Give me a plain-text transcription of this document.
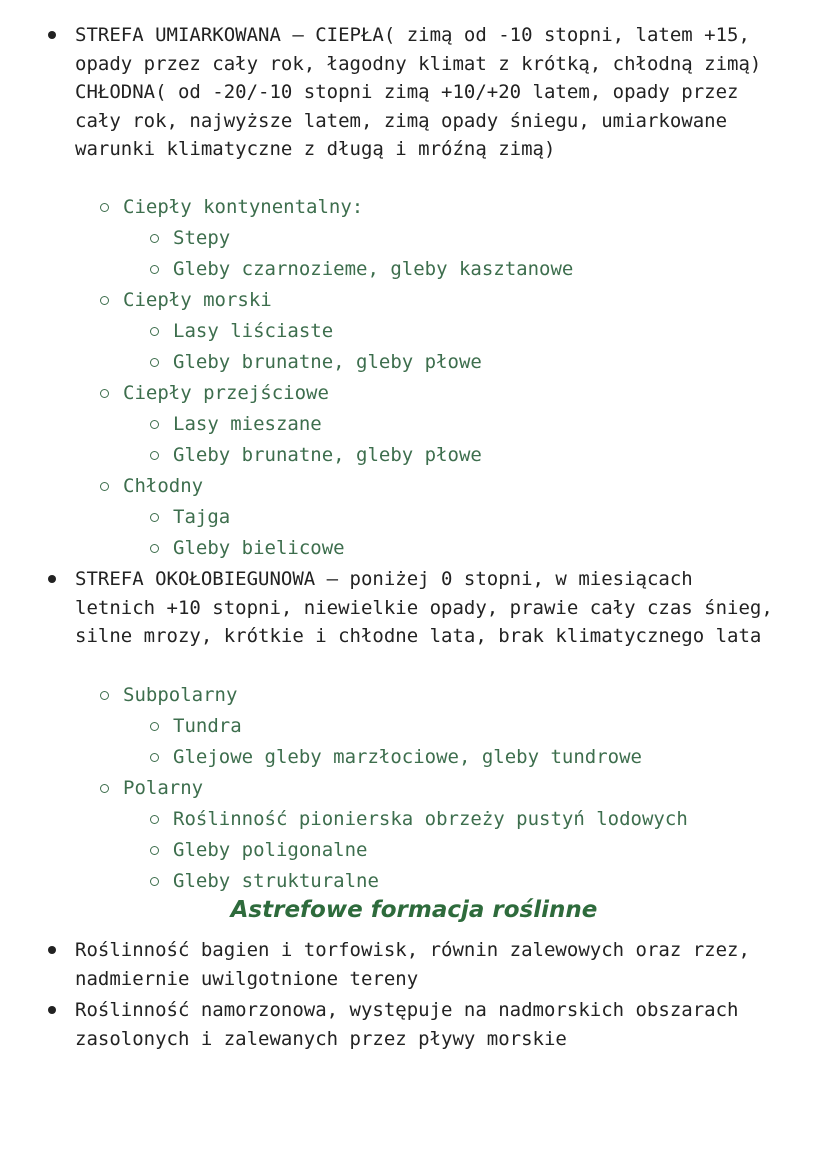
STREFA UMIARKOWANA – CIEPŁA( zimą od -10 stopni, latem +15, opady przez cały rok, łagodny klimat z krótką, chłodną zimą) CHŁODNA( od -20/-10 stopni zimą +10/+20 latem, opady przez cały rok, najwyższe latem, zimą opady śniegu, umiarkowane warunki klimatyczne z długą i mróźną zimą)
Ciepły kontynentalny:
Stepy
Gleby czarnozieme, gleby kasztanowe
Ciepły morski
Lasy liściaste
Gleby brunatne, gleby płowe
Ciepły przejściowe
Lasy mieszane
Gleby brunatne, gleby płowe
Chłodny
Tajga
Gleby bielicowe
STREFA OKOŁOBIEGUNOWA – poniżej 0 stopni, w miesiącach letnich +10 stopni, niewielkie opady, prawie cały czas śnieg, silne mrozy, krótkie i chłodne lata, brak klimatycznego lata
Subpolarny
Tundra
Glejowe gleby marzłociowe, gleby tundrowe
Polarny
Roślinność pionierska obrzeży pustyń lodowych
Gleby poligonalne
Gleby strukturalne
Astrefowe formacja roślinne
Roślinność bagien i torfowisk, równin zalewowych oraz rzez, nadmiernie uwilgotnione tereny
Roślinność namorzonowa, występuje na nadmorskich obszarach zasolonych i zalewanych przez pływy morskie
